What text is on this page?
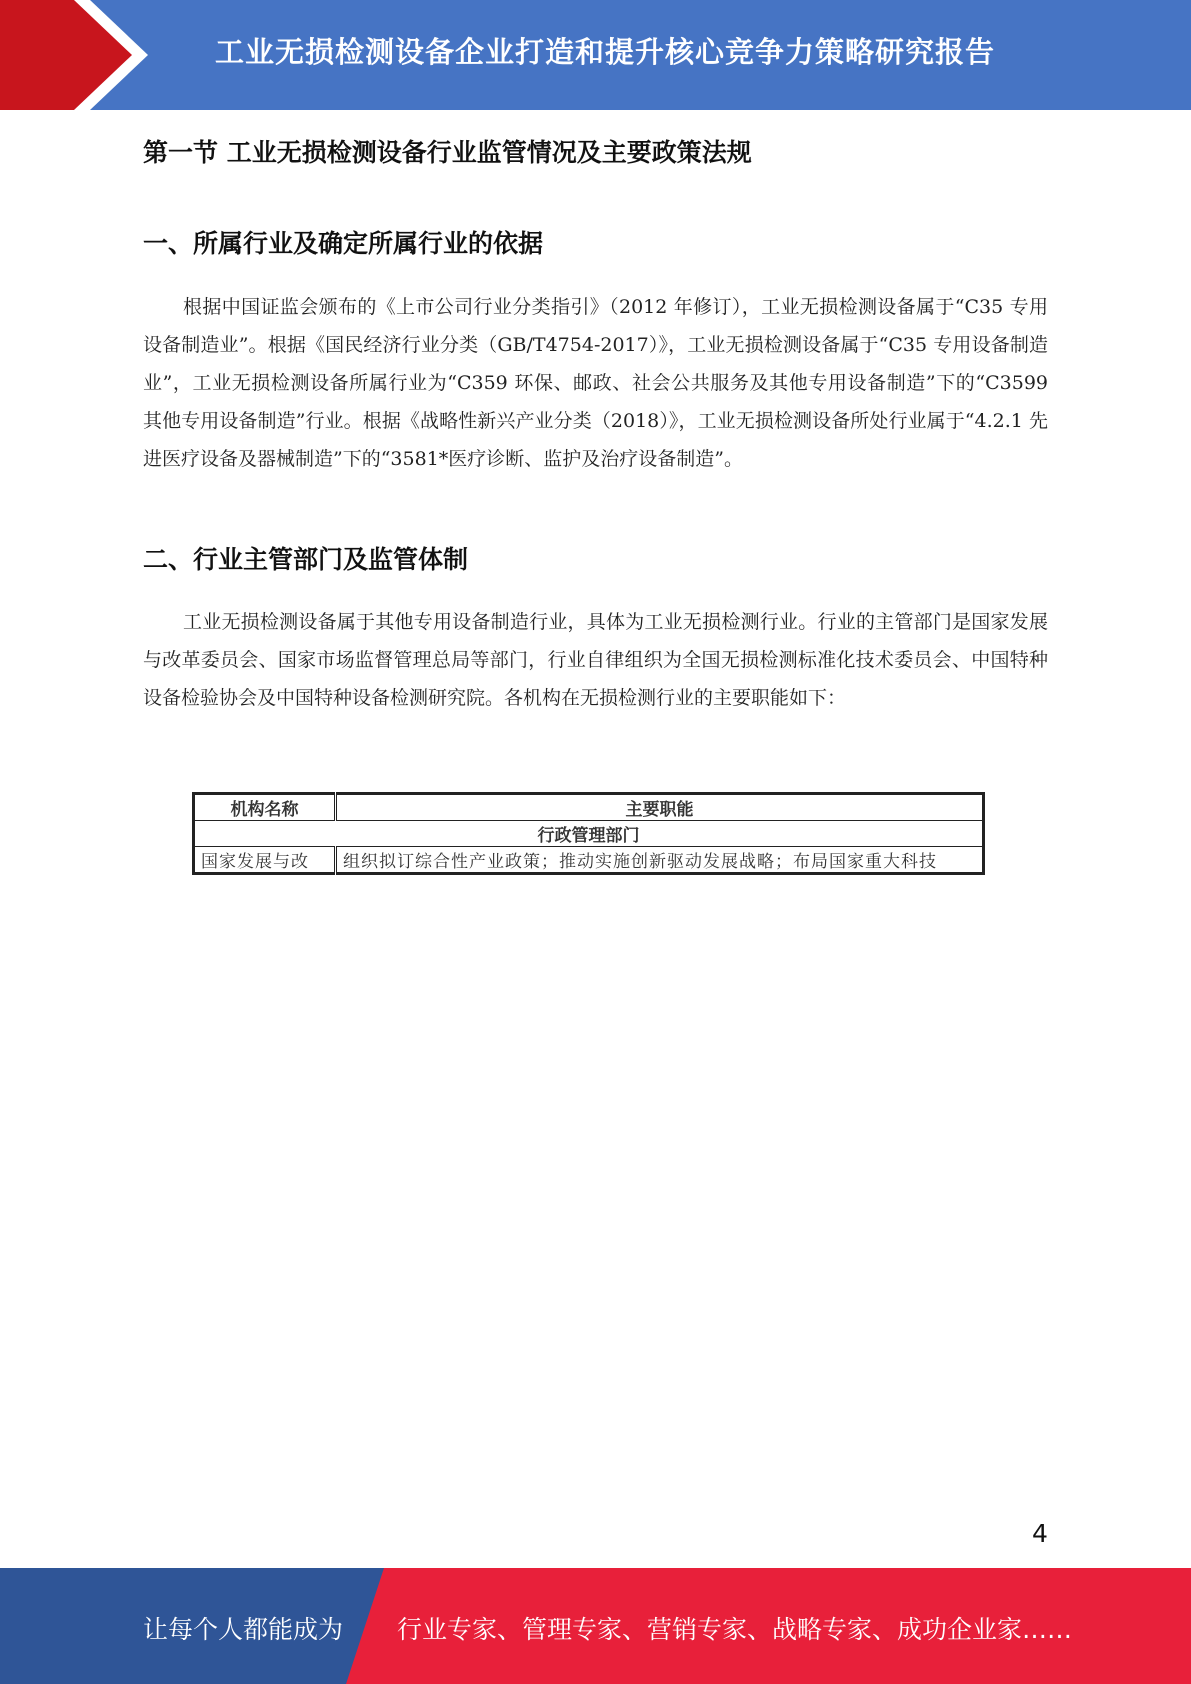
工业无损检测设备企业打造和提升核心竞争力策略研究报告
第一节 工业无损检测设备行业监管情况及主要政策法规
一、所属行业及确定所属行业的依据

根据中国证监会颁布的《上市公司行业分类指引》（2012 年修订），工业无损检测设备属于“C35 专用设备制造业”。根据《国民经济行业分类（GB/T4754-2017）》，工业无损检测设备属于“C35 专用设备制造业”，工业无损检测设备所属行业为“C359 环保、邮政、社会公共服务及其他专用设备制造”下的“C3599 其他专用设备制造”行业。根据《战略性新兴产业分类（2018）》，工业无损检测设备所处行业属于“4.2.1 先进医疗设备及器械制造”下的“3581*医疗诊断、监护及治疗设备制造”。

二、行业主管部门及监管体制

工业无损检测设备属于其他专用设备制造行业，具体为工业无损检测行业。行业的主管部门是国家发展与改革委员会、国家市场监督管理总局等部门，行业自律组织为全国无损检测标准化技术委员会、中国特种设备检验协会及中国特种设备检测研究院。各机构在无损检测行业的主要职能如下：

机构名称	主要职能
行政管理部门	
国家发展与改	组织拟订综合性产业政策；推动实施创新驱动发展战略；布局国家重大科技
4
让每个人都能成为 行业专家、管理专家、营销专家、战略专家、成功企业家……
